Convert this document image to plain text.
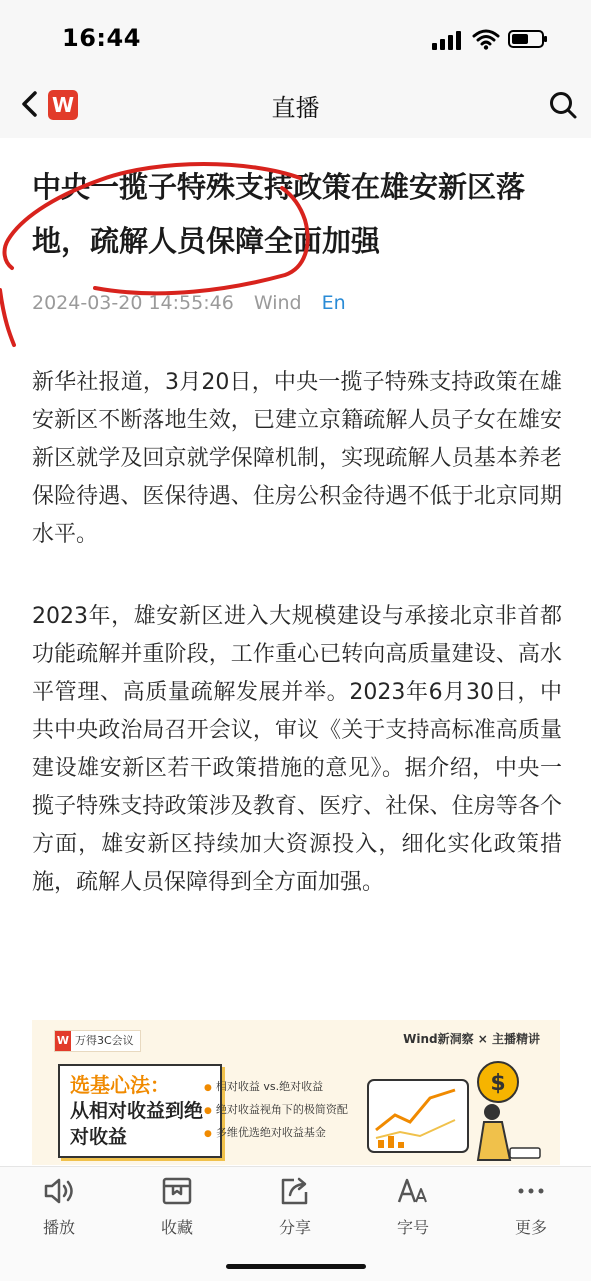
16:44
W	直播
中央一揽子特殊支持政策在雄安新区落地，疏解人员保障全面加强
2024-03-20 14:55:46 Wind En

新华社报道，3月20日，中央一揽子特殊支持政策在雄安新区不断落地生效，已建立京籍疏解人员子女在雄安新区就学及回京就学保障机制，实现疏解人员基本养老保险待遇、医保待遇、住房公积金待遇不低于北京同期水平。

2023年，雄安新区进入大规模建设与承接北京非首都功能疏解并重阶段，工作重心已转向高质量建设、高水平管理、高质量疏解发展并举。2023年6月30日，中共中央政治局召开会议，审议《关于支持高标准高质量建设雄安新区若干政策措施的意见》。据介绍，中央一揽子特殊支持政策涉及教育、医疗、社保、住房等各个方面，雄安新区持续加大资源投入，细化实化政策措施，疏解人员保障得到全方面加强。

W 万得3C会议	Wind新洞察 × 主播精讲
选基心法：
从相对收益到绝对收益
● 相对收益 vs.绝对收益
● 绝对收益视角下的极简资配
● 多维优选绝对收益基金
$
播放	收藏	分享	字号	更多
